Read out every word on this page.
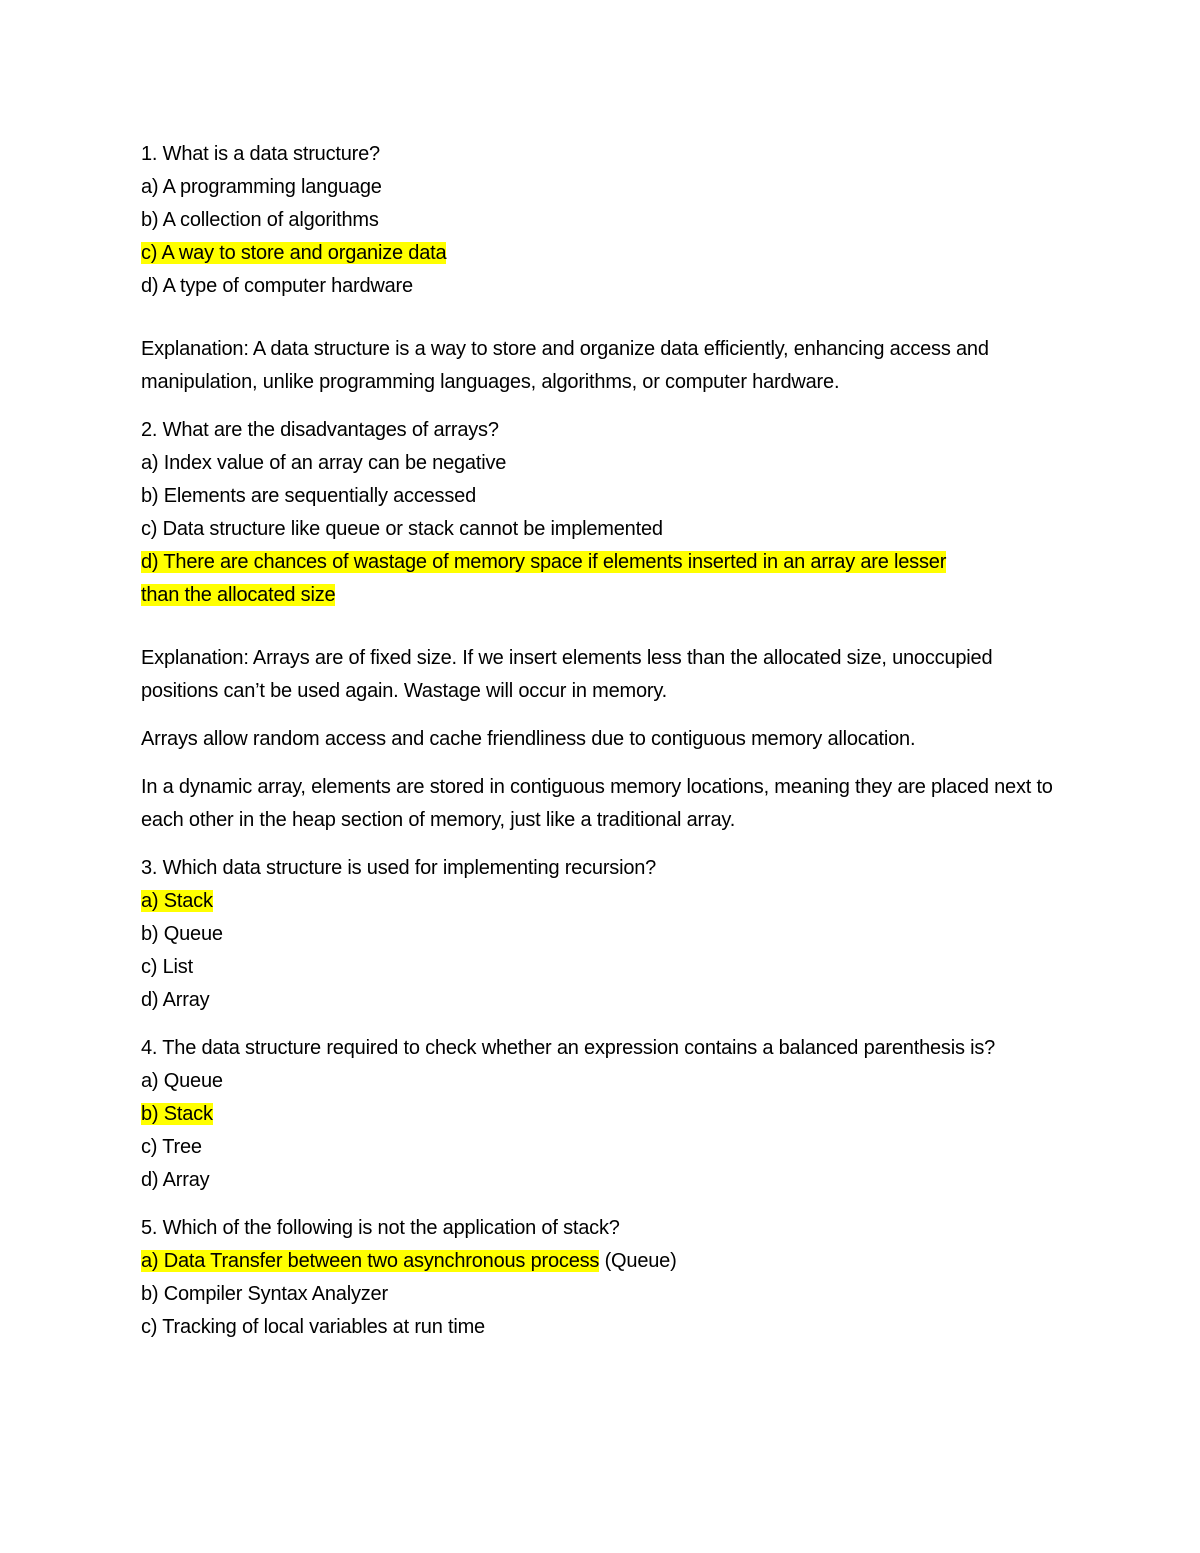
1. What is a data structure?
a) A programming language
b) A collection of algorithms
c) A way to store and organize data
d) A type of computer hardware
Explanation: A data structure is a way to store and organize data efficiently, enhancing access and manipulation, unlike programming languages, algorithms, or computer hardware.
2. What are the disadvantages of arrays?
a) Index value of an array can be negative
b) Elements are sequentially accessed
c) Data structure like queue or stack cannot be implemented
d) There are chances of wastage of memory space if elements inserted in an array are lesser
than the allocated size
Explanation: Arrays are of fixed size. If we insert elements less than the allocated size, unoccupied positions can’t be used again. Wastage will occur in memory.
Arrays allow random access and cache friendliness due to contiguous memory allocation.
In a dynamic array, elements are stored in contiguous memory locations, meaning they are placed next to each other in the heap section of memory, just like a traditional array.
3. Which data structure is used for implementing recursion?
a) Stack
b) Queue
c) List
d) Array
4. The data structure required to check whether an expression contains a balanced parenthesis is?
a) Queue
b) Stack
c) Tree
d) Array
5. Which of the following is not the application of stack?
a) Data Transfer between two asynchronous process (Queue)
b) Compiler Syntax Analyzer
c) Tracking of local variables at run time
